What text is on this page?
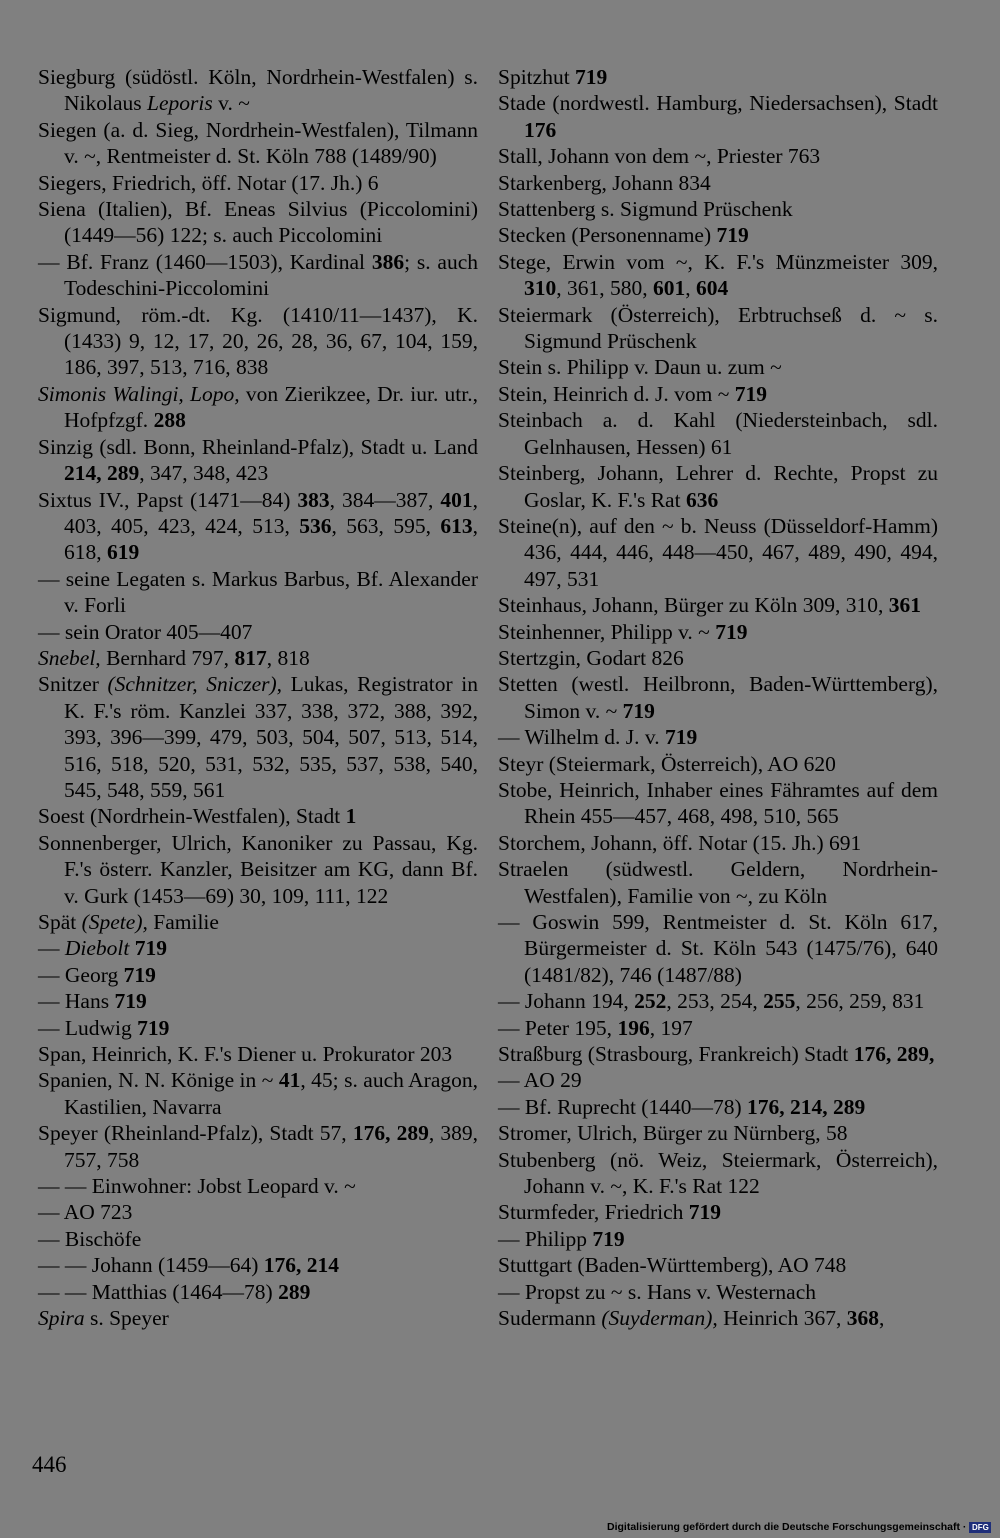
Siegburg (südöstl. Köln, Nordrhein-Westfalen) s. Nikolaus Leporis v. ~
Siegen (a. d. Sieg, Nordrhein-Westfalen), Tilmann v. ~, Rentmeister d. St. Köln 788 (1489/90)
Siegers, Friedrich, öff. Notar (17. Jh.) 6
Siena (Italien), Bf. Eneas Silvius (Piccolomini) (1449—56) 122; s. auch Piccolomini
— Bf. Franz (1460—1503), Kardinal 386; s. auch Todeschini-Piccolomini
Sigmund, röm.-dt. Kg. (1410/11—1437), K. (1433) 9, 12, 17, 20, 26, 28, 36, 67, 104, 159, 186, 397, 513, 716, 838
Simonis Walingi, Lopo, von Zierikzee, Dr. iur. utr., Hofpfzgf. 288
Sinzig (sdl. Bonn, Rheinland-Pfalz), Stadt u. Land 214, 289, 347, 348, 423
Sixtus IV., Papst (1471—84) 383, 384—387, 401, 403, 405, 423, 424, 513, 536, 563, 595, 613, 618, 619
— seine Legaten s. Markus Barbus, Bf. Alexander v. Forli
— sein Orator 405—407
Snebel, Bernhard 797, 817, 818
Snitzer (Schnitzer, Sniczer), Lukas, Registrator in K. F.'s röm. Kanzlei 337, 338, 372, 388, 392, 393, 396—399, 479, 503, 504, 507, 513, 514, 516, 518, 520, 531, 532, 535, 537, 538, 540, 545, 548, 559, 561
Soest (Nordrhein-Westfalen), Stadt 1
Sonnenberger, Ulrich, Kanoniker zu Passau, Kg. F.'s österr. Kanzler, Beisitzer am KG, dann Bf. v. Gurk (1453—69) 30, 109, 111, 122
Spät (Spete), Familie
— Diebolt 719
— Georg 719
— Hans 719
— Ludwig 719
Span, Heinrich, K. F.'s Diener u. Prokurator 203
Spanien, N. N. Könige in ~ 41, 45; s. auch Aragon, Kastilien, Navarra
Speyer (Rheinland-Pfalz), Stadt 57, 176, 289, 389, 757, 758
— — Einwohner: Jobst Leopard v. ~
— AO 723
— Bischöfe
— — Johann (1459—64) 176, 214
— — Matthias (1464—78) 289
Spira s. Speyer
Spitzhut 719
Stade (nordwestl. Hamburg, Niedersachsen), Stadt 176
Stall, Johann von dem ~, Priester 763
Starkenberg, Johann 834
Stattenberg s. Sigmund Prüschenk
Stecken (Personenname) 719
Stege, Erwin vom ~, K. F.'s Münzmeister 309, 310, 361, 580, 601, 604
Steiermark (Österreich), Erbtruchseß d. ~ s. Sigmund Prüschenk
Stein s. Philipp v. Daun u. zum ~
Stein, Heinrich d. J. vom ~ 719
Steinbach a. d. Kahl (Niedersteinbach, sdl. Gelnhausen, Hessen) 61
Steinberg, Johann, Lehrer d. Rechte, Propst zu Goslar, K. F.'s Rat 636
Steine(n), auf den ~ b. Neuss (Düsseldorf-Hamm) 436, 444, 446, 448—450, 467, 489, 490, 494, 497, 531
Steinhaus, Johann, Bürger zu Köln 309, 310, 361
Steinhenner, Philipp v. ~ 719
Stertzgin, Godart 826
Stetten (westl. Heilbronn, Baden-Württemberg), Simon v. ~ 719
— Wilhelm d. J. v. 719
Steyr (Steiermark, Österreich), AO 620
Stobe, Heinrich, Inhaber eines Fähramtes auf dem Rhein 455—457, 468, 498, 510, 565
Storchem, Johann, öff. Notar (15. Jh.) 691
Straelen (südwestl. Geldern, Nordrhein-Westfalen), Familie von ~, zu Köln
— Goswin 599, Rentmeister d. St. Köln 617, Bürgermeister d. St. Köln 543 (1475/76), 640 (1481/82), 746 (1487/88)
— Johann 194, 252, 253, 254, 255, 256, 259, 831
— Peter 195, 196, 197
Straßburg (Strasbourg, Frankreich) Stadt 176, 289,
— AO 29
— Bf. Ruprecht (1440—78) 176, 214, 289
Stromer, Ulrich, Bürger zu Nürnberg, 58
Stubenberg (nö. Weiz, Steiermark, Österreich), Johann v. ~, K. F.'s Rat 122
Sturmfeder, Friedrich 719
— Philipp 719
Stuttgart (Baden-Württemberg), AO 748
— Propst zu ~ s. Hans v. Westernach
Sudermann (Suyderman), Heinrich 367, 368,
446
Digitalisierung gefördert durch die Deutsche Forschungsgemeinschaft · DFG
